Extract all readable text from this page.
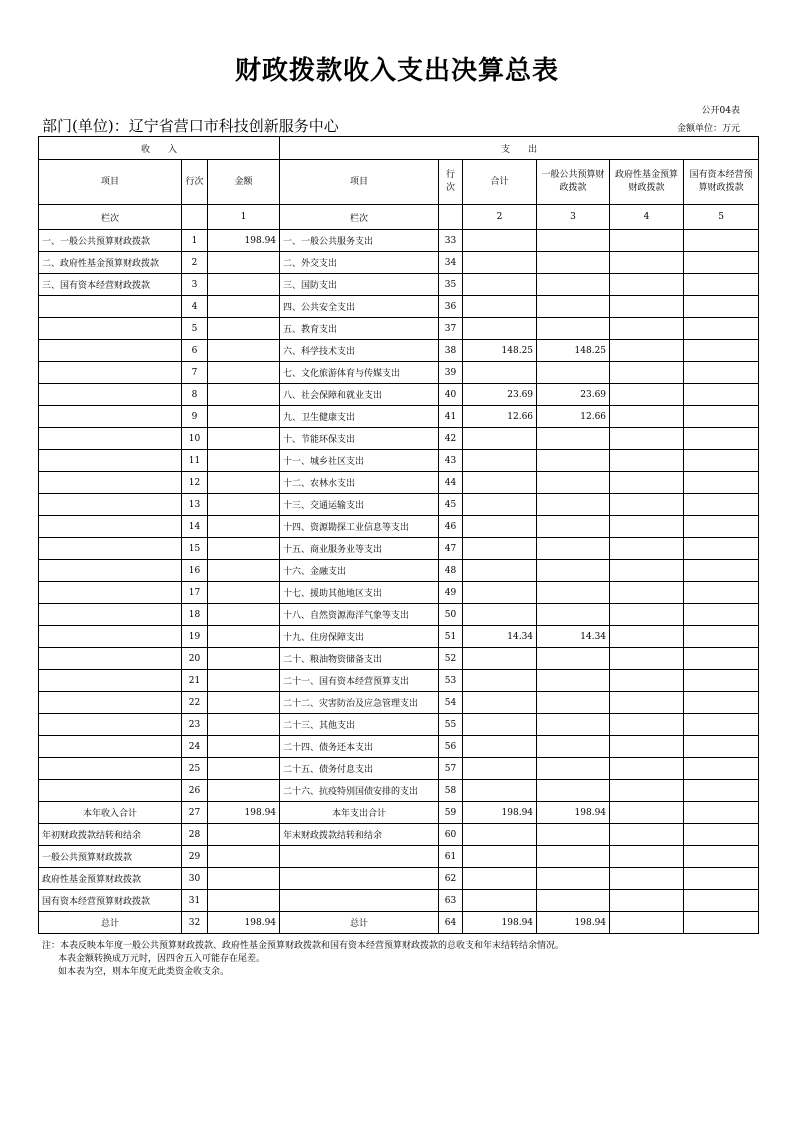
财政拨款收入支出决算总表
公开04表
部门(单位)：辽宁省营口市科技创新服务中心	金额单位：万元
收　　入			支　　出					
项目	行次	金额	项目	行次	合计	一般公共预算财政拨款	政府性基金预算财政拨款	国有资本经营预算财政拨款
栏次		1	栏次		2	3	4	5
一、一般公共预算财政拨款	1	198.94	一、一般公共服务支出	33				
二、政府性基金预算财政拨款	2		二、外交支出	34				
三、国有资本经营财政拨款	3		三、国防支出	35				
	4		四、公共安全支出	36				
	5		五、教育支出	37				
	6		六、科学技术支出	38	148.25	148.25		
	7		七、文化旅游体育与传媒支出	39				
	8		八、社会保障和就业支出	40	23.69	23.69		
	9		九、卫生健康支出	41	12.66	12.66		
	10		十、节能环保支出	42				
	11		十一、城乡社区支出	43				
	12		十二、农林水支出	44				
	13		十三、交通运输支出	45				
	14		十四、资源勘探工业信息等支出	46				
	15		十五、商业服务业等支出	47				
	16		十六、金融支出	48				
	17		十七、援助其他地区支出	49				
	18		十八、自然资源海洋气象等支出	50				
	19		十九、住房保障支出	51	14.34	14.34		
	20		二十、粮油物资储备支出	52				
	21		二十一、国有资本经营预算支出	53				
	22		二十二、灾害防治及应急管理支出	54				
	23		二十三、其他支出	55				
	24		二十四、债务还本支出	56				
	25		二十五、债务付息支出	57				
	26		二十六、抗疫特别国债安排的支出	58				
本年收入合计	27	198.94	本年支出合计	59	198.94	198.94		
年初财政拨款结转和结余	28		年末财政拨款结转和结余	60				
一般公共预算财政拨款	29			61				
政府性基金预算财政拨款	30			62				
国有资本经营预算财政拨款	31			63				
总计	32	198.94	总计	64	198.94	198.94		
注：本表反映本年度一般公共预算财政拨款、政府性基金预算财政拨款和国有资本经营预算财政拨款的总收支和年末结转结余情况。
本表金额转换成万元时，因四舍五入可能存在尾差。
如本表为空，则本年度无此类资金收支余。
